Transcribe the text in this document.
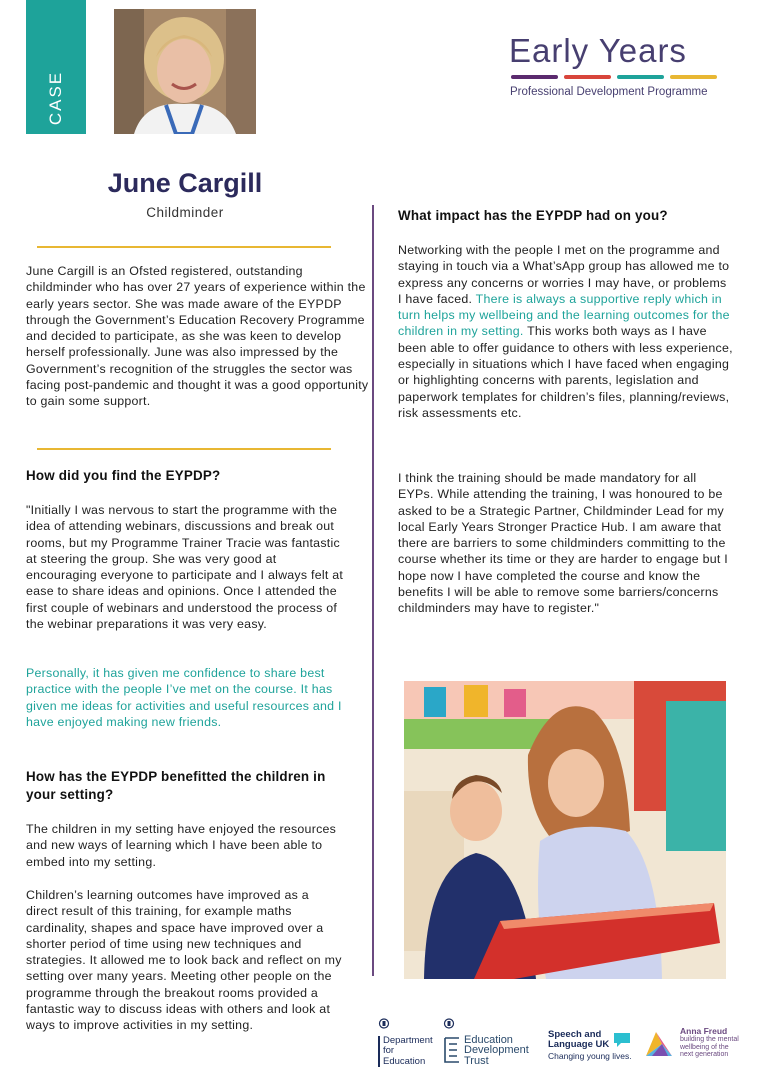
CASE
Early Years
Professional Development Programme
June Cargill
Childminder

June Cargill is an Ofsted registered, outstanding childminder who has over 27 years of experience within the early years sector. She was made aware of the EYPDP through the Government’s Education Recovery Programme and decided to participate, as she was keen to develop herself professionally. June was also impressed by the Government’s recognition of the struggles the sector was facing post-pandemic and thought it was a good opportunity to gain some support.

How did you find the EYPDP?

"Initially I was nervous to start the programme with the idea of attending webinars, discussions and break out rooms, but my Programme Trainer Tracie was fantastic at steering the group. She was very good at encouraging everyone to participate and I always felt at ease to share ideas and opinions. Once I attended the first couple of webinars and understood the process of the webinar preparations it was very easy.

Personally, it has given me confidence to share best practice with the people I’ve met on the course. It has given me ideas for activities and useful resources and I have enjoyed making new friends.

How has the EYPDP benefitted the children in your setting?

The children in my setting have enjoyed the resources and new ways of learning which I have been able to embed into my setting.

Children’s learning outcomes have improved as a direct result of this training, for example maths cardinality, shapes and space have improved over a shorter period of time using new techniques and strategies. It allowed me to look back and reflect on my setting over many years. Meeting other people on the programme through the breakout rooms provided a fantastic way to discuss ideas with others and look at ways to improve activities in my setting.

What impact has the EYPDP had on you?

Networking with the people I met on the programme and staying in touch via a What’sApp group has allowed me to express any concerns or worries I may have, or problems I have faced. There is always a supportive reply which in turn helps my wellbeing and the learning outcomes for the children in my setting. This works both ways as I have been able to offer guidance to others with less experience, especially in situations which I have faced when engaging or highlighting concerns with parents, legislation and paperwork templates for children’s files, planning/reviews, risk assessments etc.

I think the training should be made mandatory for all EYPs. While attending the training, I was honoured to be asked to be a Strategic Partner, Childminder Lead for my local Early Years Stronger Practice Hub. I am aware that there are barriers to some childminders committing to the course whether its time or they are harder to engage but I hope now I have completed the course and know the benefits I will be able to remove some barriers/concerns childminders may have to register."

Department
for Education
Education
Development
Trust
Speech and
Language UK
Changing young lives.
Anna Freud
building the mental
wellbeing of the
next generation
